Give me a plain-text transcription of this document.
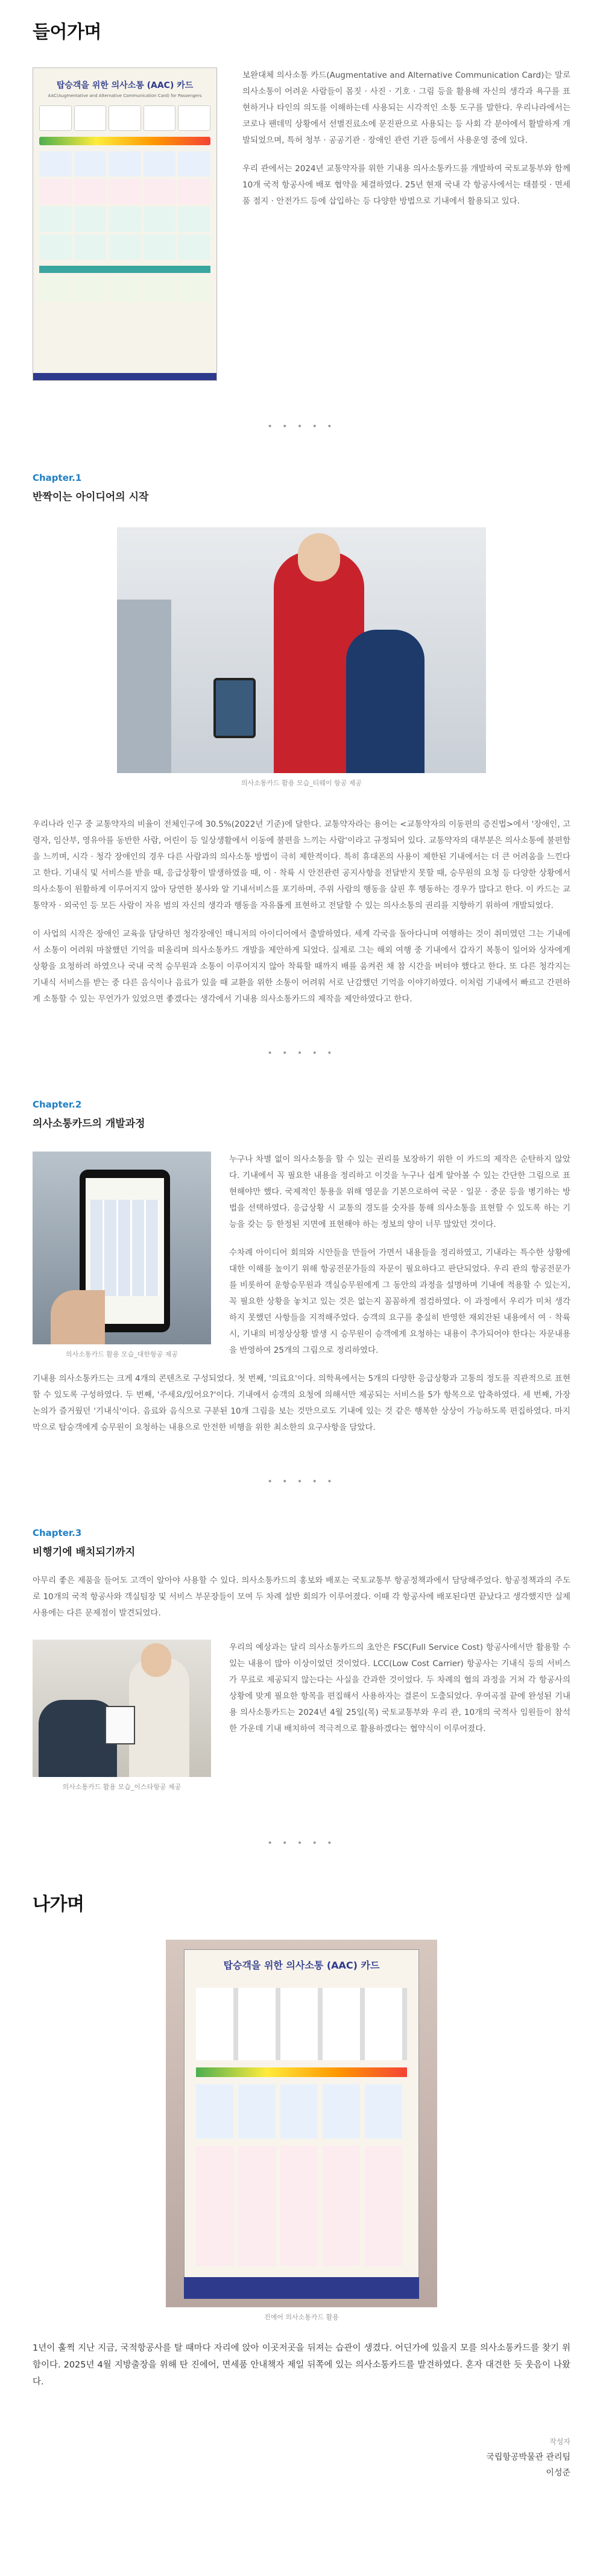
들어가며
탑승객을 위한 의사소통 (AAC) 카드
AAC(Augmentative and Alternative Communication Card) for Passengers

보완대체 의사소통 카드(Augmentative and Alternative Communication Card)는 말로 의사소통이 어려운 사람들이 몸짓 · 사진 · 기호 · 그림 등을 활용해 자신의 생각과 욕구를 표현하거나 타인의 의도를 이해하는데 사용되는 시각적인 소통 도구를 말한다. 우리나라에서는 코로나 팬데믹 상황에서 선별진료소에 문진판으로 사용되는 등 사회 각 분야에서 활발하게 개발되었으며, 특허 청부 · 공공기관 · 장애인 관련 기관 등에서 사용운영 중에 있다.

우리 관에서는 2024년 교통약자를 위한 기내용 의사소통카드를 개발하여 국토교통부와 함께 10개 국적 항공사에 배포 협약을 체결하였다. 25년 현재 국내 각 항공사에서는 태블릿 · 면세품 점지 · 안전가드 등에 삽입하는 등 다양한 방법으로 기내에서 활용되고 있다.

• • • • •
Chapter.1
반짝이는 아이디어의 시작
의사소통카드 활용 모습_티웨이 항공 제공

우리나라 인구 중 교통약자의 비율이 전체인구에 30.5%(2022년 기준)에 달한다. 교통약자라는 용어는 <교통약자의 이동편의 증진법>에서 '장애인, 고령자, 임산부, 영유아를 동반한 사람, 어린이 등 일상생활에서 이동에 불편을 느끼는 사람'이라고 규정되어 있다. 교통약자의 대부분은 의사소통에 불편함을 느끼며, 시각 · 청각 장애인의 경우 다른 사람과의 의사소통 방법이 극히 제한적이다. 특히 휴대폰의 사용이 제한된 기내에서는 더 큰 어려움을 느낀다고 한다. 기내식 및 서비스를 받을 때, 응급상황이 발생하였을 때, 이 · 착륙 시 안전관련 공지사항을 전달받지 못할 때, 승무원의 요청 등 다양한 상황에서 의사소통이 원활하게 이루어지지 않아 당연한 봉사와 알 기내서비스를 포기하며, 주위 사람의 행동을 살핀 후 행동하는 경우가 많다고 한다. 이 카드는 교통약자 · 외국인 등 모든 사람이 자유 범의 자신의 생각과 행동을 자유롭게 표현하고 전달할 수 있는 의사소통의 권리를 지향하기 위하여 개발되었다.

이 사업의 시작은 장애인 교육을 담당하던 청각장애인 매니저의 아이디어에서 출발하였다. 세계 각국을 돌아다니며 여행하는 것이 취미였던 그는 기내에서 소통이 어려워 마찰했던 기억을 떠올리며 의사소통카드 개발을 제안하게 되었다. 실제로 그는 해외 여행 중 기내에서 갑자기 복통이 일어와 상자에게 상황을 요청하려 하였으나 국내 국적 승무원과 소통이 이루어지지 않아 착륙할 때까지 배를 움켜쥔 채 참 시간을 버텨야 했다고 한다. 또 다른 청각지는 기내식 서비스를 받는 중 다른 음식이나 음료가 있을 때 교환을 위한 소통이 어려워 서로 난감했던 기억을 이야기하였다. 이처럼 기내에서 빠르고 간편하게 소통할 수 있는 무언가가 있었으면 좋겠다는 생각에서 기내용 의사소통카드의 제작을 제안하였다고 한다.

• • • • •
Chapter.2
의사소통카드의 개발과정
의사소통카드 활용 모습_대한항공 제공

누구나 차별 없이 의사소통을 할 수 있는 권리를 보장하기 위한 이 카드의 제작은 순탄하지 않았다. 기내에서 꼭 필요한 내용을 정리하고 이것을 누구나 쉽게 알아볼 수 있는 간단한 그림으로 표현해야만 했다. 국제적인 통용을 위해 영문을 기본으로하여 국문 · 일문 · 중문 등을 병기하는 방법을 선택하였다. 응급상황 시 교통의 경도를 숫자를 통해 의사소통을 표현할 수 있도록 하는 기능을 갖는 등 한정된 지면에 표현해야 하는 정보의 양이 너무 많았던 것이다.

수차례 아이디어 회의와 시안들을 만들어 가면서 내용들을 정리하였고, 기내라는 특수한 상황에 대한 이해를 높이기 위해 항공전문가들의 자문이 필요하다고 판단되었다. 우리 관의 항공전문가를 비롯하여 운항승무원과 객실승무원에게 그 동안의 과정을 설명하며 기내에 적용할 수 있는지, 꼭 필요한 상황을 놓치고 있는 것은 없는지 꼼꼼하게 점검하였다. 이 과정에서 우리가 미처 생각하지 못했던 사항들을 지적해주었다. 승객의 요구를 충실히 반영한 재외잔된 내용에서 여 · 착륙 시, 기내의 비정상상황 발생 시 승무원이 승객에게 요청하는 내용이 추가되어야 한다는 자문내용을 반영하여 25개의 그림으로 정리하였다.

기내용 의사소통카드는 크게 4개의 콘텐츠로 구성되었다. 첫 번째, '의료요'이다. 의학욕에서는 5개의 다양한 응급상황과 고통의 정도를 직관적으로 표현할 수 있도록 구성하였다. 두 번째, '주세요/있어요?'이다. 기내에서 승객의 요청에 의해서만 제공되는 서비스를 5가 항목으로 압축하였다. 세 번째, 가장 논의가 즐거웠던 '기내식'이다. 음료와 음식으로 구분된 10개 그림을 보는 것만으로도 기내에 있는 것 같은 행복한 상상이 가능하도록 편집하였다. 마지막으로 탑승객에게 승무원이 요청하는 내용으로 안전한 비행을 위한 최소한의 요구사항을 담았다.

• • • • •
Chapter.3
비행기에 배치되기까지

아무리 좋은 제품을 들어도 고객이 알아야 사용할 수 있다. 의사소통카드의 홍보와 배포는 국토교통부 항공정책과에서 담당해주었다. 항공정책과의 주도로 10개의 국적 항공사와 객실팀장 및 서비스 부문장들이 모여 두 차례 설반 회의가 이루어졌다. 이때 각 항공사에 배포된다면 끝났다고 생각했지만 실제 사용에는 다른 문제점이 발견되었다.

의사소통카드 활용 모습_이스타항공 제공

우리의 예상과는 달리 의사소통카드의 초안은 FSC(Full Service Cost) 항공사에서만 활용할 수 있는 내용이 많아 이상이었던 것이었다. LCC(Low Cost Carrier) 항공사는 기내식 등의 서비스가 무료로 제공되지 않는다는 사실을 간과한 것이었다. 두 차례의 협의 과정을 거쳐 각 항공사의 상황에 맞게 필요한 항목을 편집해서 사용하자는 결론이 도출되었다. 우여곡절 끝에 완성된 기내용 의사소통카드는 2024년 4월 25일(목) 국토교통부와 우리 관, 10개의 국적사 임원들이 참석한 가운데 기내 배치하여 적극적으로 활용하겠다는 협약식이 이루어졌다.

• • • • •
나가며
탑승객을 위한 의사소통 (AAC) 카드
진에어 의사소통카드 활용

1년이 훌쩍 지난 지금, 국적항공사를 탈 때마다 자리에 앉아 이곳저곳을 뒤져는 습관이 생겼다. 어딘가에 있을지 모를 의사소통카드를 찾기 위함이다. 2025년 4월 지방출장을 위해 탄 진에어, 면세품 안내책자 제일 뒤쪽에 있는 의사소통카드를 발견하였다. 혼자 대견한 듯 웃음이 나왔다.

작성자
국립항공박물관 관리팀
이성준
